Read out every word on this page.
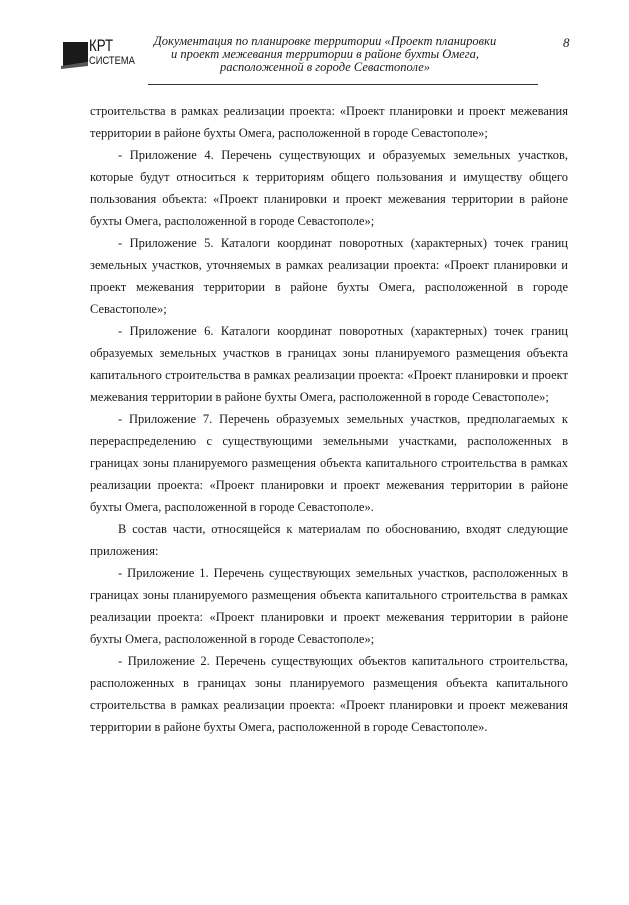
КРТ
СИСТЕМА
Документация по планировке территории «Проект планировки
и проект межевания территории в районе бухты Омега,
расположенной в городе Севастополе»
8

строительства в рамках реализации проекта: «Проект планировки и проект межевания территории в районе бухты Омега, расположенной в городе Севастополе»;

- Приложение 4. Перечень существующих и образуемых земельных участков, которые будут относиться к территориям общего пользования и имуществу общего пользования объекта: «Проект планировки и проект межевания территории в районе бухты Омега, расположенной в городе Севастополе»;

- Приложение 5. Каталоги координат поворотных (характерных) точек границ земельных участков, уточняемых в рамках реализации проекта: «Проект планировки и проект межевания территории в районе бухты Омега, расположенной в городе Севастополе»;

- Приложение 6. Каталоги координат поворотных (характерных) точек границ образуемых земельных участков в границах зоны планируемого размещения объекта капитального строительства в рамках реализации проекта: «Проект планировки и проект межевания территории в районе бухты Омега, расположенной в городе Севастополе»;

- Приложение 7. Перечень образуемых земельных участков, предполагаемых к перераспределению с существующими земельными участками, расположенных в границах зоны планируемого размещения объекта капитального строительства в рамках реализации проекта: «Проект планировки и проект межевания территории в районе бухты Омега, расположенной в городе Севастополе».

В состав части, относящейся к материалам по обоснованию, входят следующие приложения:

- Приложение 1. Перечень существующих земельных участков, расположенных в границах зоны планируемого размещения объекта капитального строительства в рамках реализации проекта: «Проект планировки и проект межевания территории в районе бухты Омега, расположенной в городе Севастополе»;

- Приложение 2. Перечень существующих объектов капитального строительства, расположенных в границах зоны планируемого размещения объекта капитального строительства в рамках реализации проекта: «Проект планировки и проект межевания территории в районе бухты Омега, расположенной в городе Севастополе».
